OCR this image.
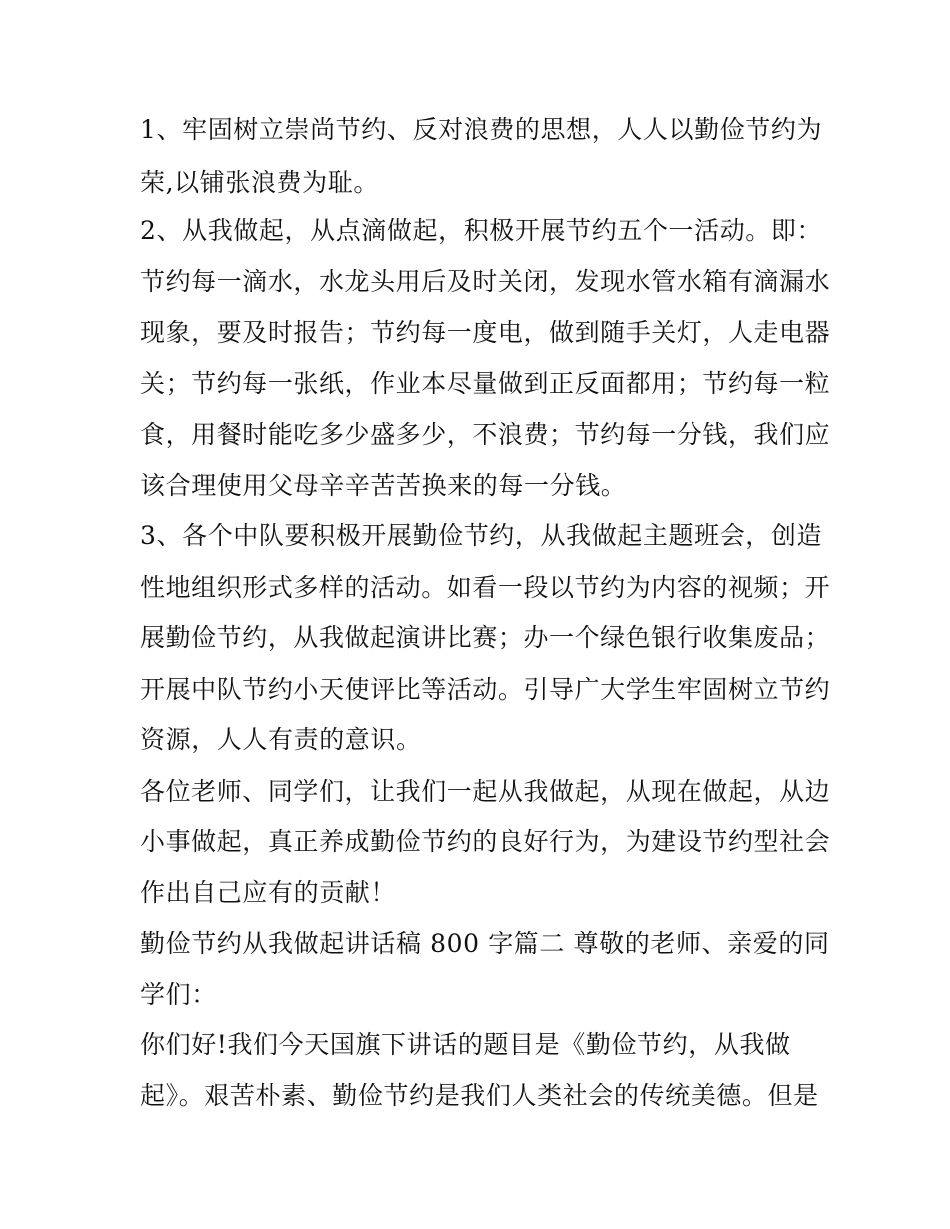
1、牢固树立崇尚节约、反对浪费的思想，人人以勤俭节约为
荣,以铺张浪费为耻。
2、从我做起，从点滴做起，积极开展节约五个一活动。即：
节约每一滴水，水龙头用后及时关闭，发现水管水箱有滴漏水
现象，要及时报告；节约每一度电，做到随手关灯，人走电器
关；节约每一张纸，作业本尽量做到正反面都用；节约每一粒
食，用餐时能吃多少盛多少，不浪费；节约每一分钱，我们应
该合理使用父母辛辛苦苦换来的每一分钱。
3、各个中队要积极开展勤俭节约，从我做起主题班会，创造
性地组织形式多样的活动。如看一段以节约为内容的视频；开
展勤俭节约，从我做起演讲比赛；办一个绿色银行收集废品；
开展中队节约小天使评比等活动。引导广大学生牢固树立节约
资源，人人有责的意识。
各位老师、同学们，让我们一起从我做起，从现在做起，从边
小事做起，真正养成勤俭节约的良好行为，为建设节约型社会
作出自己应有的贡献！
勤俭节约从我做起讲话稿 800 字篇二 尊敬的老师、亲爱的同
学们：
你们好!我们今天国旗下讲话的题目是《勤俭节约，从我做
起》。艰苦朴素、勤俭节约是我们人类社会的传统美德。但是
